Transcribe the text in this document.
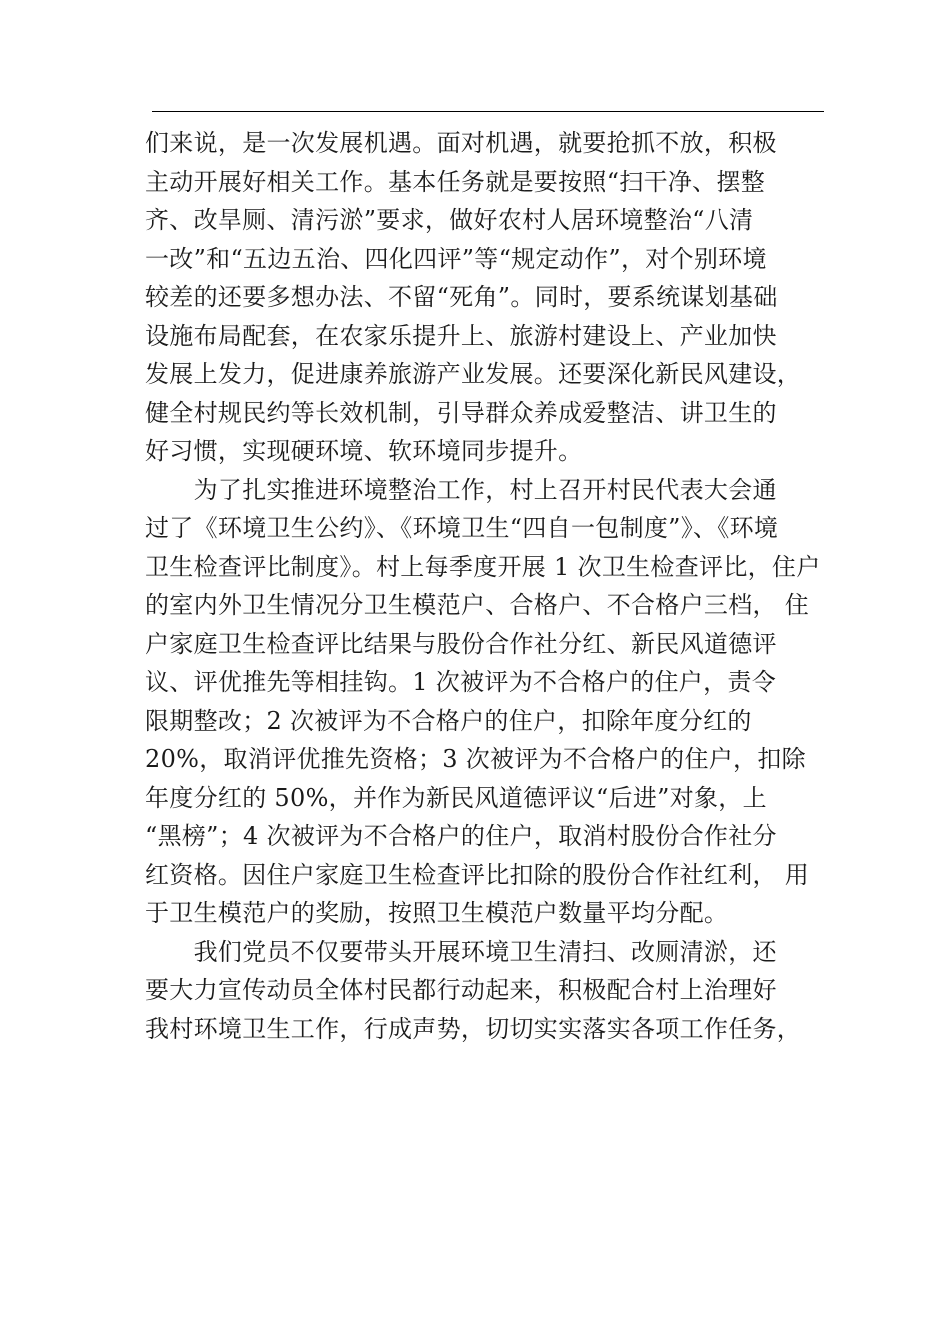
们来说，是一次发展机遇。面对机遇，就要抢抓不放，积极
主动开展好相关工作。基本任务就是要按照“扫干净、摆整
齐、改旱厕、清污淤”要求，做好农村人居环境整治“八清
一改”和“五边五治、四化四评”等“规定动作”，对个别环境
较差的还要多想办法、不留“死角”。同时，要系统谋划基础
设施布局配套，在农家乐提升上、旅游村建设上、产业加快
发展上发力，促进康养旅游产业发展。还要深化新民风建设，
健全村规民约等长效机制，引导群众养成爱整洁、讲卫生的
好习惯，实现硬环境、软环境同步提升。
　　为了扎实推进环境整治工作，村上召开村民代表大会通
过了《环境卫生公约》、《环境卫生“四自一包制度”》、《环境
卫生检查评比制度》。村上每季度开展 1 次卫生检查评比，住户
的室内外卫生情况分卫生模范户、合格户、不合格户三档， 住
户家庭卫生检查评比结果与股份合作社分红、新民风道德评
议、评优推先等相挂钩。1 次被评为不合格户的住户，责令
限期整改；2 次被评为不合格户的住户，扣除年度分红的
20%，取消评优推先资格；3 次被评为不合格户的住户，扣除
年度分红的 50%，并作为新民风道德评议“后进”对象，上
“黑榜”；4 次被评为不合格户的住户，取消村股份合作社分
红资格。因住户家庭卫生检查评比扣除的股份合作社红利， 用
于卫生模范户的奖励，按照卫生模范户数量平均分配。
　　我们党员不仅要带头开展环境卫生清扫、改厕清淤，还
要大力宣传动员全体村民都行动起来，积极配合村上治理好
我村环境卫生工作，行成声势，切切实实落实各项工作任务，
